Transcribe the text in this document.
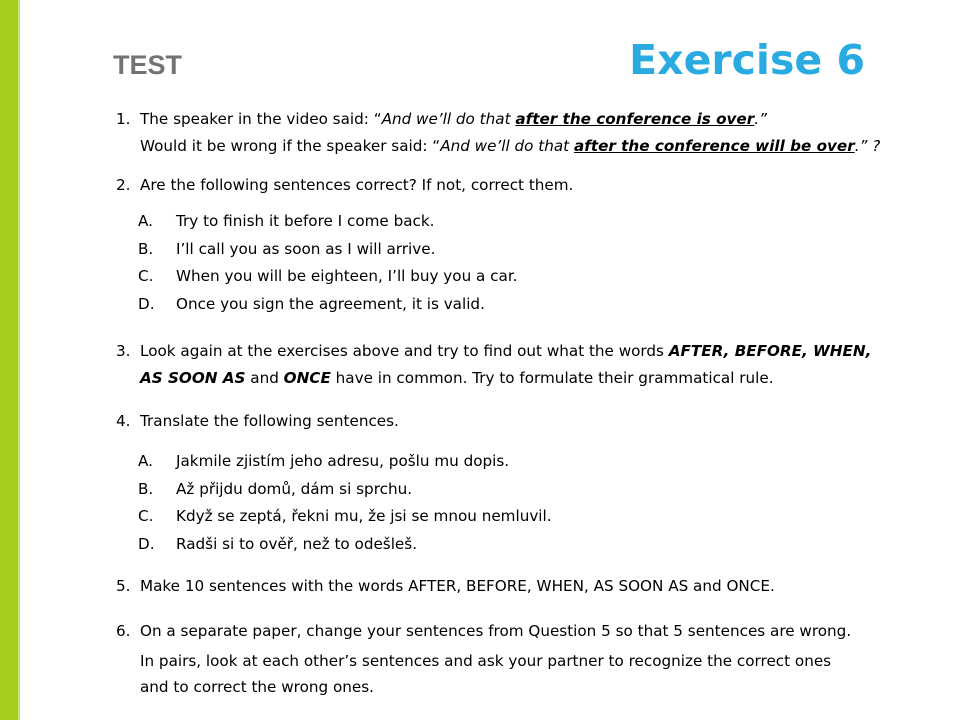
TEST	Exercise 6
1. The speaker in the video said: “And we’ll do that after the conference is over.”
Would it be wrong if the speaker said: “And we’ll do that after the conference will be over.” ?
2. Are the following sentences correct? If not, correct them.
A. Try to finish it before I come back.
B. I’ll call you as soon as I will arrive.
C. When you will be eighteen, I’ll buy you a car.
D. Once you sign the agreement, it is valid.
3. Look again at the exercises above and try to find out what the words AFTER, BEFORE, WHEN,
AS SOON AS and ONCE have in common. Try to formulate their grammatical rule.
4. Translate the following sentences.
A. Jakmile zjistím jeho adresu, pošlu mu dopis.
B. Až přijdu domů, dám si sprchu.
C. Když se zeptá, řekni mu, že jsi se mnou nemluvil.
D. Radši si to ověř, než to odešleš.
5. Make 10 sentences with the words AFTER, BEFORE, WHEN, AS SOON AS and ONCE.
6. On a separate paper, change your sentences from Question 5 so that 5 sentences are wrong.
In pairs, look at each other’s sentences and ask your partner to recognize the correct ones
and to correct the wrong ones.
